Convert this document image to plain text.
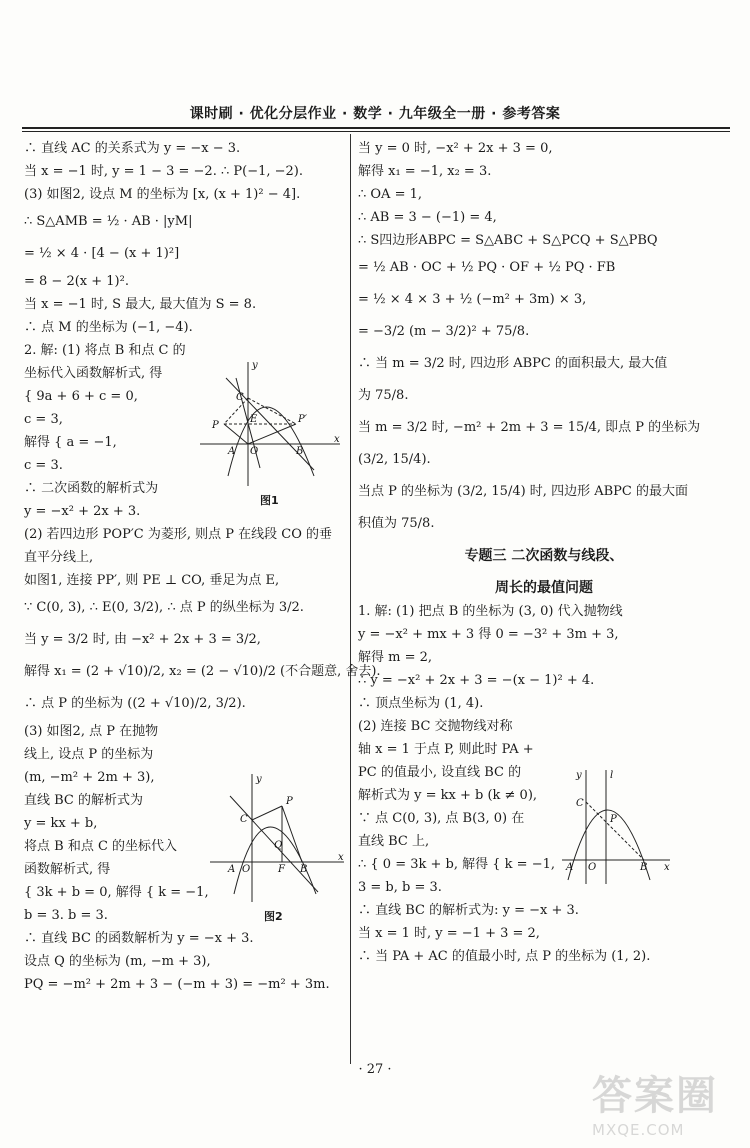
课时刷 · 优化分层作业 · 数学 · 九年级全一册 · 参考答案
∴ 直线 AC 的关系式为 y = −x − 3.
当 x = −1 时, y = 1 − 3 = −2. ∴ P(−1, −2).
(3) 如图2, 设点 M 的坐标为 [x, (x + 1)² − 4].
∴ S△AMB = ½ · AB · |yM|
= ½ × 4 · [4 − (x + 1)²]
= 8 − 2(x + 1)².
当 x = −1 时, S 最大, 最大值为 S = 8.
∴ 点 M 的坐标为 (−1, −4).
2. 解: (1) 将点 B 和点 C 的
坐标代入函数解析式, 得
{ 9a + 6 + c = 0,
c = 3,
解得 { a = −1,
c = 3.
∴ 二次函数的解析式为
y = −x² + 2x + 3.
(2) 若四边形 POP′C 为菱形, 则点 P 在线段 CO 的垂
直平分线上,
如图1, 连接 PP′, 则 PE ⊥ CO, 垂足为点 E,
∵ C(0, 3), ∴ E(0, 3/2), ∴ 点 P 的纵坐标为 3/2.
当 y = 3/2 时, 由 −x² + 2x + 3 = 3/2,
解得 x₁ = (2 + √10)/2, x₂ = (2 − √10)/2 (不合题意, 舍去).
∴ 点 P 的坐标为 ((2 + √10)/2, 3/2).
(3) 如图2, 点 P 在抛物
线上, 设点 P 的坐标为
(m, −m² + 2m + 3),
直线 BC 的解析式为
y = kx + b,
将点 B 和点 C 的坐标代入
函数解析式, 得
{ 3k + b = 0, 解得 { k = −1,
b = 3. b = 3.
∴ 直线 BC 的函数解析为 y = −x + 3.
设点 Q 的坐标为 (m, −m + 3),
PQ = −m² + 2m + 3 − (−m + 3) = −m² + 3m.
y
x
O
A	B
C
P
P′
E
图1
y
x
O
A	B
C
P
Q
F
图2
当 y = 0 时, −x² + 2x + 3 = 0,
解得 x₁ = −1, x₂ = 3.
∴ OA = 1,
∴ AB = 3 − (−1) = 4,
∴ S四边形ABPC = S△ABC + S△PCQ + S△PBQ
= ½ AB · OC + ½ PQ · OF + ½ PQ · FB
= ½ × 4 × 3 + ½ (−m² + 3m) × 3,
= −3/2 (m − 3/2)² + 75/8.
∴ 当 m = 3/2 时, 四边形 ABPC 的面积最大, 最大值
为 75/8.
当 m = 3/2 时, −m² + 2m + 3 = 15/4, 即点 P 的坐标为
(3/2, 15/4).
当点 P 的坐标为 (3/2, 15/4) 时, 四边形 ABPC 的最大面
积值为 75/8.
专题三 二次函数与线段、
周长的最值问题
1. 解: (1) 把点 B 的坐标为 (3, 0) 代入抛物线
y = −x² + mx + 3 得 0 = −3² + 3m + 3,
解得 m = 2,
∴ y = −x² + 2x + 3 = −(x − 1)² + 4.
∴ 顶点坐标为 (1, 4).
(2) 连接 BC 交抛物线对称
轴 x = 1 于点 P, 则此时 PA +
PC 的值最小, 设直线 BC 的
解析式为 y = kx + b (k ≠ 0),
∵ 点 C(0, 3), 点 B(3, 0) 在
直线 BC 上,
∴ { 0 = 3k + b, 解得 { k = −1,
3 = b, b = 3.
∴ 直线 BC 的解析式为: y = −x + 3.
当 x = 1 时, y = −1 + 3 = 2,
∴ 当 PA + AC 的值最小时, 点 P 的坐标为 (1, 2).
y	l
x
O
A	B
C
P
· 27 ·
答案圈
MXQE.COM
